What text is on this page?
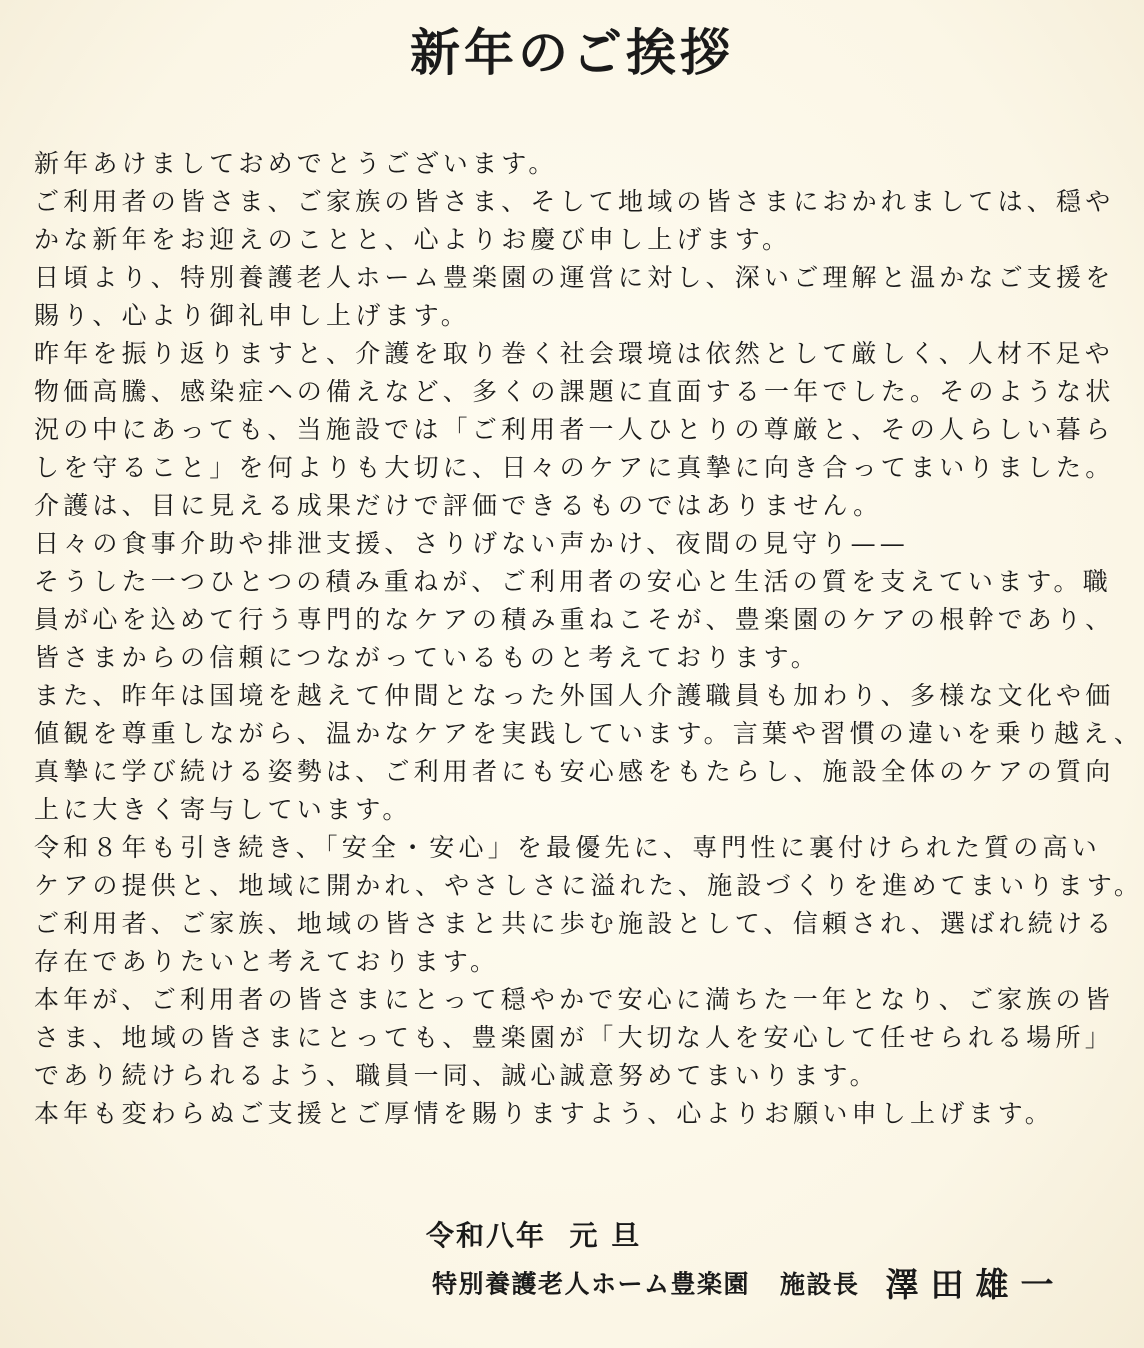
新年のご挨拶
新年あけましておめでとうございます。
ご利用者の皆さま、ご家族の皆さま、そして地域の皆さまにおかれましては、穏や
かな新年をお迎えのことと、心よりお慶び申し上げます。
日頃より、特別養護老人ホーム豊楽園の運営に対し、深いご理解と温かなご支援を
賜り、心より御礼申し上げます。
昨年を振り返りますと、介護を取り巻く社会環境は依然として厳しく、人材不足や
物価高騰、感染症への備えなど、多くの課題に直面する一年でした。そのような状
況の中にあっても、当施設では「ご利用者一人ひとりの尊厳と、その人らしい暮ら
しを守ること」を何よりも大切に、日々のケアに真摯に向き合ってまいりました。
介護は、目に見える成果だけで評価できるものではありません。
日々の食事介助や排泄支援、さりげない声かけ、夜間の見守り——
そうした一つひとつの積み重ねが、ご利用者の安心と生活の質を支えています。職
員が心を込めて行う専門的なケアの積み重ねこそが、豊楽園のケアの根幹であり、
皆さまからの信頼につながっているものと考えております。
また、昨年は国境を越えて仲間となった外国人介護職員も加わり、多様な文化や価
値観を尊重しながら、温かなケアを実践しています。言葉や習慣の違いを乗り越え、
真摯に学び続ける姿勢は、ご利用者にも安心感をもたらし、施設全体のケアの質向
上に大きく寄与しています。
令和８年も引き続き、「安全・安心」を最優先に、専門性に裏付けられた質の高い
ケアの提供と、地域に開かれ、やさしさに溢れた、施設づくりを進めてまいります。
ご利用者、ご家族、地域の皆さまと共に歩む施設として、信頼され、選ばれ続ける
存在でありたいと考えております。
本年が、ご利用者の皆さまにとって穏やかで安心に満ちた一年となり、ご家族の皆
さま、地域の皆さまにとっても、豊楽園が「大切な人を安心して任せられる場所」
であり続けられるよう、職員一同、誠心誠意努めてまいります。
本年も変わらぬご支援とご厚情を賜りますよう、心よりお願い申し上げます。
令和八年  元 旦
特別養護老人ホーム豊楽園 施設長 澤田雄一
